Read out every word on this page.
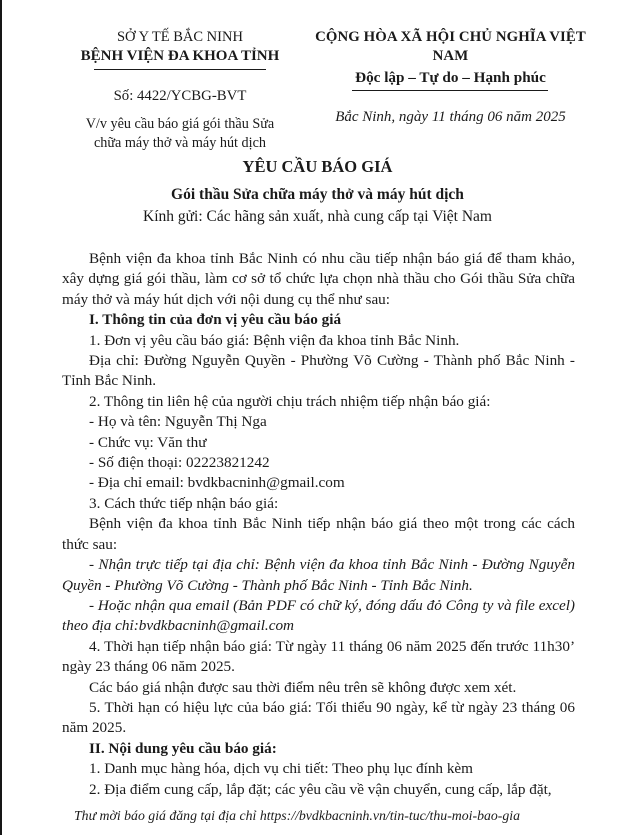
SỞ Y TẾ BẮC NINH
BỆNH VIỆN ĐA KHOA TỈNH
Số: 4422/YCBG-BVT
V/v yêu cầu báo giá gói thầu Sửa
chữa máy thở và máy hút dịch
CỘNG HÒA XÃ HỘI CHỦ NGHĨA VIỆT NAM
Độc lập – Tự do – Hạnh phúc
Bắc Ninh, ngày 11 tháng 06 năm 2025
YÊU CẦU BÁO GIÁ
Gói thầu Sửa chữa máy thở và máy hút dịch
Kính gửi: Các hãng sản xuất, nhà cung cấp tại Việt Nam

Bệnh viện đa khoa tỉnh Bắc Ninh có nhu cầu tiếp nhận báo giá để tham khảo, xây dựng giá gói thầu, làm cơ sở tổ chức lựa chọn nhà thầu cho Gói thầu Sửa chữa máy thở và máy hút dịch với nội dung cụ thể như sau:

I. Thông tin của đơn vị yêu cầu báo giá

1. Đơn vị yêu cầu báo giá: Bệnh viện đa khoa tỉnh Bắc Ninh.

Địa chỉ: Đường Nguyễn Quyền - Phường Võ Cường - Thành phố Bắc Ninh - Tỉnh Bắc Ninh.

2. Thông tin liên hệ của người chịu trách nhiệm tiếp nhận báo giá:

- Họ và tên: Nguyễn Thị Nga

- Chức vụ: Văn thư

- Số điện thoại: 02223821242

- Địa chỉ email: bvdkbacninh@gmail.com

3. Cách thức tiếp nhận báo giá:

Bệnh viện đa khoa tỉnh Bắc Ninh tiếp nhận báo giá theo một trong các cách thức sau:

- Nhận trực tiếp tại địa chỉ: Bệnh viện đa khoa tỉnh Bắc Ninh - Đường Nguyễn Quyền - Phường Võ Cường - Thành phố Bắc Ninh - Tỉnh Bắc Ninh.

- Hoặc nhận qua email (Bản PDF có chữ ký, đóng dấu đỏ Công ty và file excel) theo địa chỉ:bvdkbacninh@gmail.com

4. Thời hạn tiếp nhận báo giá: Từ ngày 11 tháng 06 năm 2025 đến trước 11h30’ ngày 23 tháng 06 năm 2025.

Các báo giá nhận được sau thời điểm nêu trên sẽ không được xem xét.

5. Thời hạn có hiệu lực của báo giá: Tối thiểu 90 ngày, kể từ ngày 23 tháng 06 năm 2025.

II. Nội dung yêu cầu báo giá:

1. Danh mục hàng hóa, dịch vụ chi tiết: Theo phụ lục đính kèm

2. Địa điểm cung cấp, lắp đặt; các yêu cầu về vận chuyển, cung cấp, lắp đặt,

Thư mời báo giá đăng tại địa chỉ https://bvdkbacninh.vn/tin-tuc/thu-moi-bao-gia
